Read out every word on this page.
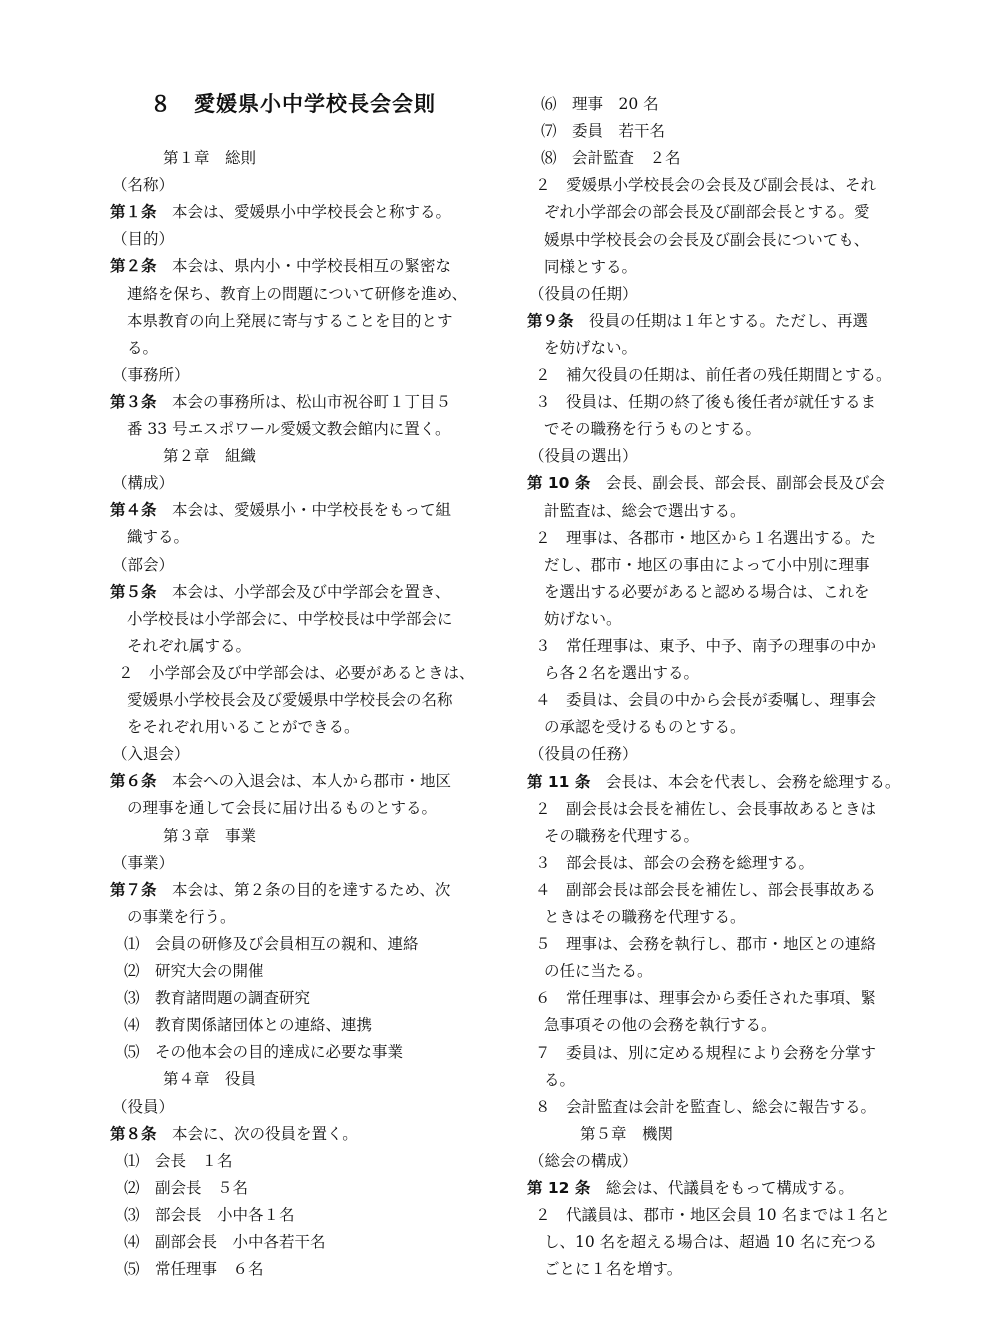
８　愛媛県小中学校長会会則
第１章　総則
（名称）
第１条　本会は、愛媛県小中学校長会と称する。
（目的）
第２条　本会は、県内小・中学校長相互の緊密な
連絡を保ち、教育上の問題について研修を進め、
本県教育の向上発展に寄与することを目的とす
る。
（事務所）
第３条　本会の事務所は、松山市祝谷町１丁目５
番 33 号エスポワール愛媛文教会館内に置く。
第２章　組織
（構成）
第４条　本会は、愛媛県小・中学校長をもって組
織する。
（部会）
第５条　本会は、小学部会及び中学部会を置き、
小学校長は小学部会に、中学校長は中学部会に
それぞれ属する。
２　小学部会及び中学部会は、必要があるときは、
愛媛県小学校長会及び愛媛県中学校長会の名称
をそれぞれ用いることができる。
（入退会）
第６条　本会への入退会は、本人から郡市・地区
の理事を通して会長に届け出るものとする。
第３章　事業
（事業）
第７条　本会は、第２条の目的を達するため、次
の事業を行う。
⑴　会員の研修及び会員相互の親和、連絡
⑵　研究大会の開催
⑶　教育諸問題の調査研究
⑷　教育関係諸団体との連絡、連携
⑸　その他本会の目的達成に必要な事業
第４章　役員
（役員）
第８条　本会に、次の役員を置く。
⑴　会長　１名
⑵　副会長　５名
⑶　部会長　小中各１名
⑷　副部会長　小中各若干名
⑸　常任理事　６名
⑹　理事　20 名
⑺　委員　若干名
⑻　会計監査　２名
２　愛媛県小学校長会の会長及び副会長は、それ
ぞれ小学部会の部会長及び副部会長とする。愛
媛県中学校長会の会長及び副会長についても、
同様とする。
（役員の任期）
第９条　役員の任期は１年とする。ただし、再選
を妨げない。
２　補欠役員の任期は、前任者の残任期間とする。
３　役員は、任期の終了後も後任者が就任するま
でその職務を行うものとする。
（役員の選出）
第 10 条　会長、副会長、部会長、副部会長及び会
計監査は、総会で選出する。
２　理事は、各郡市・地区から１名選出する。た
だし、郡市・地区の事由によって小中別に理事
を選出する必要があると認める場合は、これを
妨げない。
３　常任理事は、東予、中予、南予の理事の中か
ら各２名を選出する。
４　委員は、会員の中から会長が委嘱し、理事会
の承認を受けるものとする。
（役員の任務）
第 11 条　会長は、本会を代表し、会務を総理する。
２　副会長は会長を補佐し、会長事故あるときは
その職務を代理する。
３　部会長は、部会の会務を総理する。
４　副部会長は部会長を補佐し、部会長事故ある
ときはその職務を代理する。
５　理事は、会務を執行し、郡市・地区との連絡
の任に当たる。
６　常任理事は、理事会から委任された事項、緊
急事項その他の会務を執行する。
７　委員は、別に定める規程により会務を分掌す
る。
８　会計監査は会計を監査し、総会に報告する。
第５章　機関
（総会の構成）
第 12 条　総会は、代議員をもって構成する。
２　代議員は、郡市・地区会員 10 名までは１名と
し、10 名を超える場合は、超過 10 名に充つる
ごとに１名を増す。
